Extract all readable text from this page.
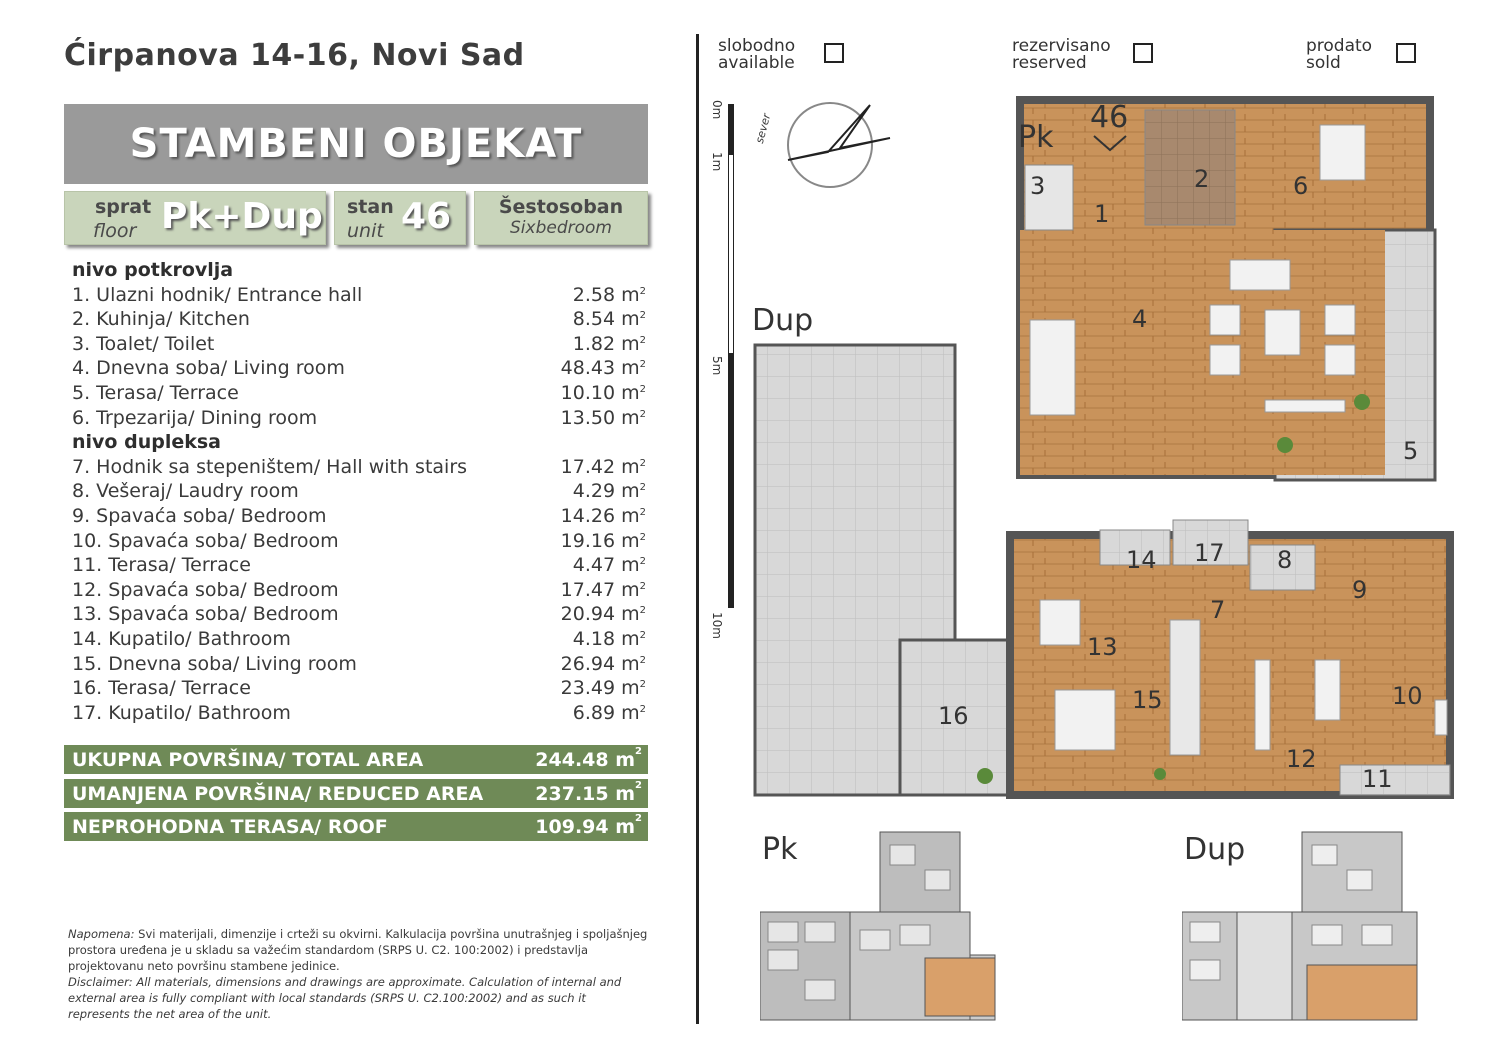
Ćirpanova 14-16, Novi Sad
STAMBENI OBJEKAT
sprat
floor Pk+Dup stan
unit 46	Šestosoban
Sixbedroom
nivo potkrovlja
1. Ulazni hodnik/ Entrance hall	2.58 $m^2$
2. Kuhinja/ Kitchen	8.54 $m^2$
3. Toalet/ Toilet	1.82 $m^2$
4. Dnevna soba/ Living room	48.43 $m^2$
5. Terasa/ Terrace	10.10 $m^2$
6. Trpezarija/ Dining room	13.50 $m^2$
nivo dupleksa
7. Hodnik sa stepeništem/ Hall with stairs	17.42 $m^2$
8. Vešeraj/ Laudry room	4.29 $m^2$
9. Spavaća soba/ Bedroom	14.26 $m^2$
10. Spavaća soba/ Bedroom	19.16 $m^2$
11. Terasa/ Terrace	4.47 $m^2$
12. Spavaća soba/ Bedroom	17.47 $m^2$
13. Spavaća soba/ Bedroom	20.94 $m^2$
14. Kupatilo/ Bathroom	4.18 $m^2$
15. Dnevna soba/ Living room	26.94 $m^2$
16. Terasa/ Terrace	23.49 $m^2$
17. Kupatilo/ Bathroom	6.89 $m^2$
UKUPNA POVRŠINA/ TOTAL AREA	244.48 $m^2$
UMANJENA POVRŠINA/ REDUCED AREA	237.15 $m^2$
NEPROHODNA TERASA/ ROOF	109.94 $m^2$
Napomena: Svi materijali, dimenzije i crteži su okvirni. Kalkulacija površina unutrašnjeg i spoljašnjeg prostora uređena je u skladu sa važećim standardom (SRPS U. C2. 100:2002) i predstavlja projektovanu neto površinu stambene jedinice.
Disclaimer: All materials, dimensions and drawings are approximate. Calculation of internal and external area is fully compliant with local standards (SRPS U. C2.100:2002) and as such it represents the net area of the unit.
slobodno
available
rezervisano
reserved
prodato
sold
0m
1m
5m
10m
sever	Pk
Dup
46
1
2
3
4
5
6
7
8
9
10
11
12
13
14
15
16
17
Pk	Dup
